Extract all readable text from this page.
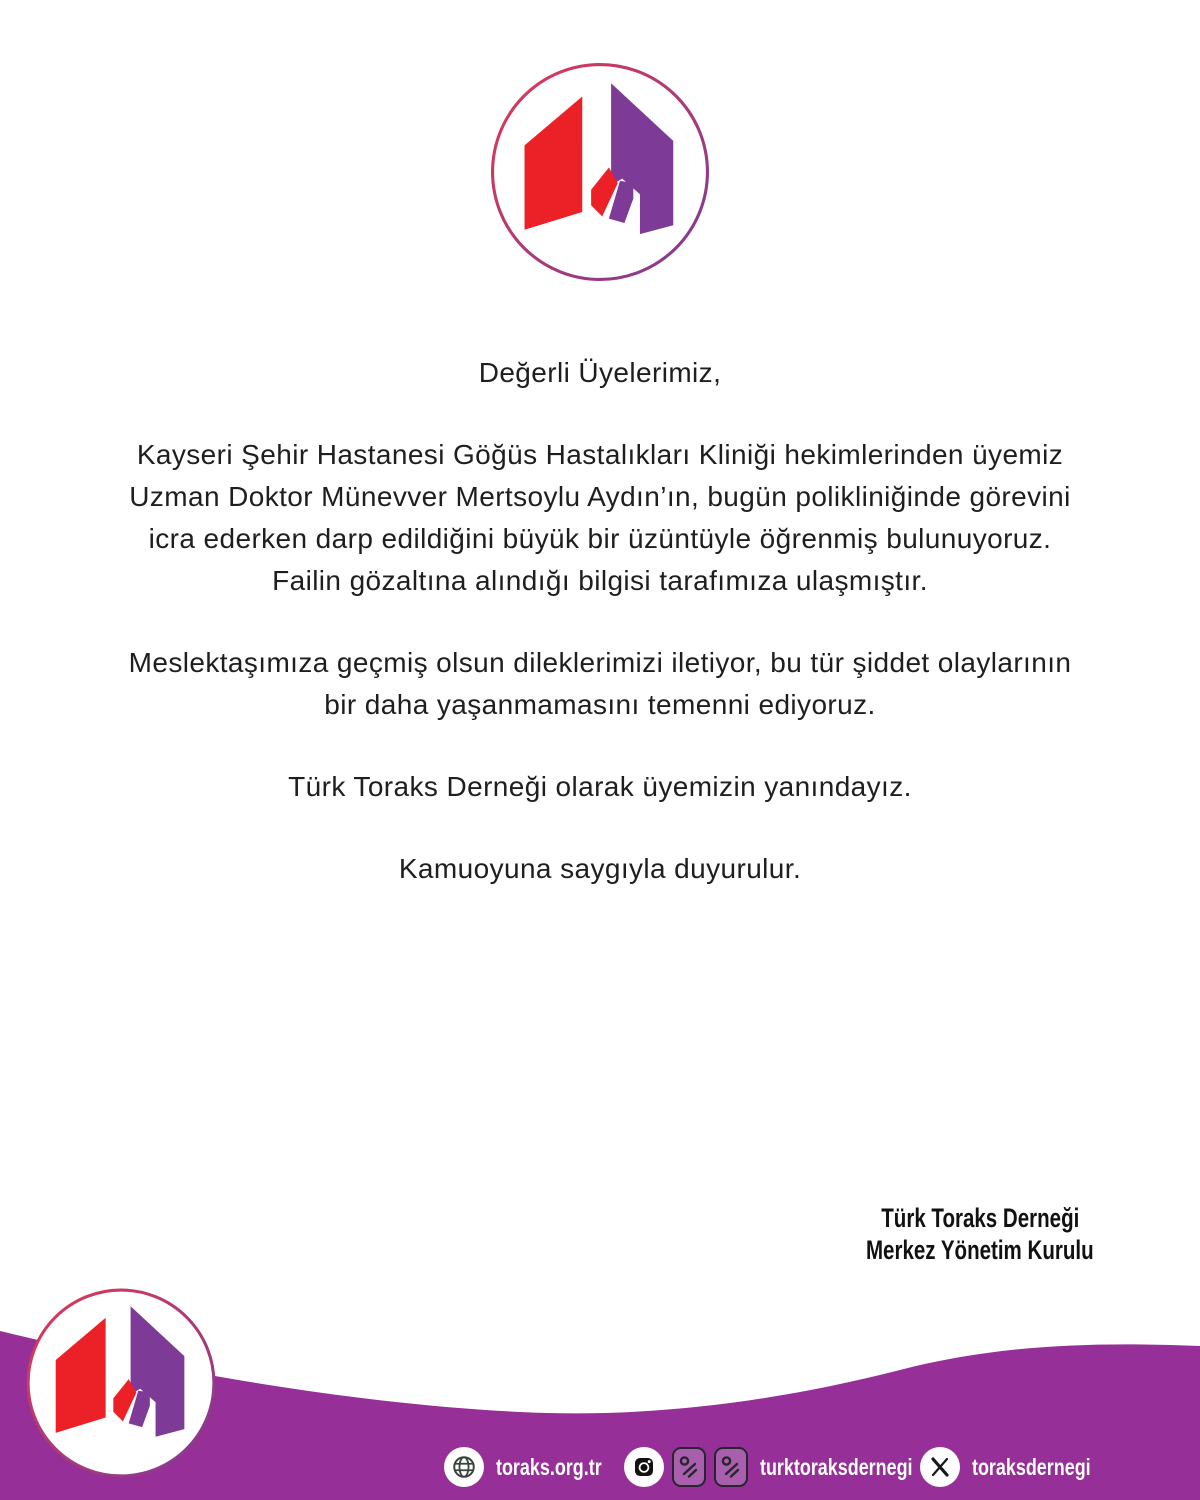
Değerli Üyelerimiz,
Kayseri Şehir Hastanesi Göğüs Hastalıkları Kliniği hekimlerinden üyemiz
Uzman Doktor Münevver Mertsoylu Aydın’ın, bugün polikliniğinde görevini
icra ederken darp edildiğini büyük bir üzüntüyle öğrenmiş bulunuyoruz.
Failin gözaltına alındığı bilgisi tarafımıza ulaşmıştır.
Meslektaşımıza geçmiş olsun dileklerimizi iletiyor, bu tür şiddet olaylarının
bir daha yaşanmamasını temenni ediyoruz.
Türk Toraks Derneği olarak üyemizin yanındayız.
Kamuoyuna saygıyla duyurulur.
Türk Toraks Derneği
Merkez Yönetim Kurulu
toraks.org.tr	turktoraksdernegi	toraksdernegi
